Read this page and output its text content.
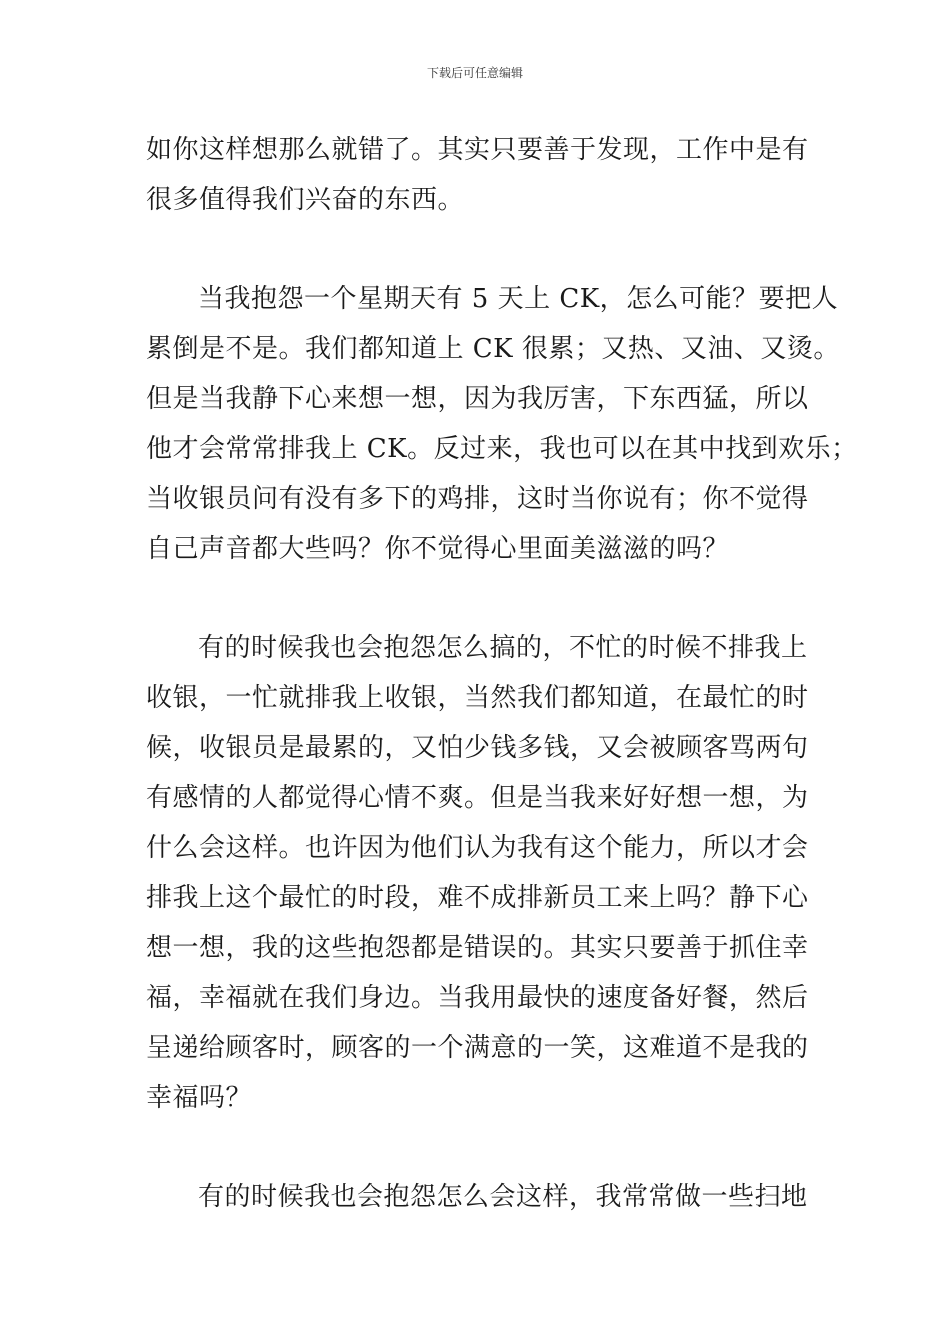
下载后可任意编辑
如你这样想那么就错了。其实只要善于发现，工作中是有
很多值得我们兴奋的东西。
当我抱怨一个星期天有 5 天上 CK，怎么可能？要把人
累倒是不是。我们都知道上 CK 很累；又热、又油、又烫。
但是当我静下心来想一想，因为我厉害，下东西猛，所以
他才会常常排我上 CK。反过来，我也可以在其中找到欢乐；
当收银员问有没有多下的鸡排，这时当你说有；你不觉得
自己声音都大些吗？你不觉得心里面美滋滋的吗？
有的时候我也会抱怨怎么搞的，不忙的时候不排我上
收银，一忙就排我上收银，当然我们都知道，在最忙的时
候，收银员是最累的，又怕少钱多钱，又会被顾客骂两句
有感情的人都觉得心情不爽。但是当我来好好想一想，为
什么会这样。也许因为他们认为我有这个能力，所以才会
排我上这个最忙的时段，难不成排新员工来上吗？静下心
想一想，我的这些抱怨都是错误的。其实只要善于抓住幸
福，幸福就在我们身边。当我用最快的速度备好餐，然后
呈递给顾客时，顾客的一个满意的一笑，这难道不是我的
幸福吗？
有的时候我也会抱怨怎么会这样，我常常做一些扫地
